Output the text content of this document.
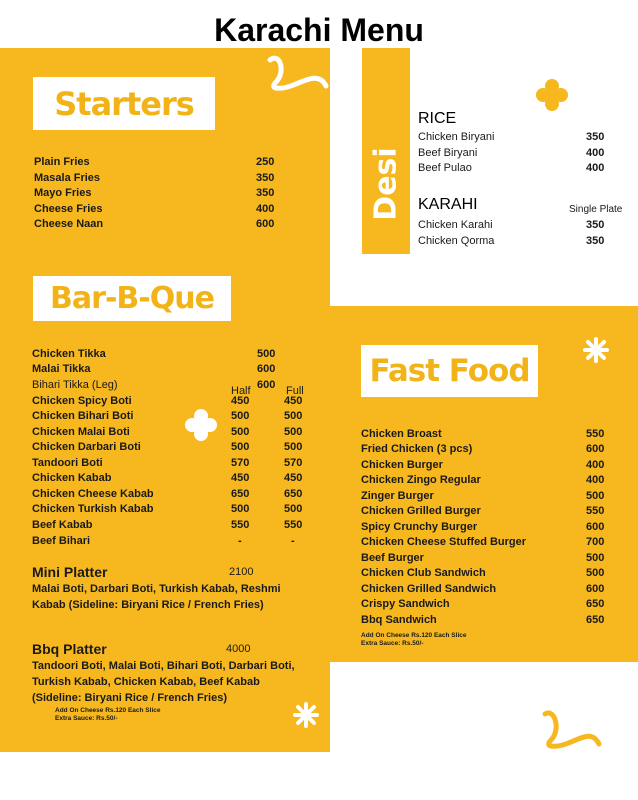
Karachi Menu
Starters
Plain Fries	250
Masala Fries	350
Mayo Fries	350
Cheese Fries	400
Cheese Naan	600
Bar-B-Que
Chicken Tikka	500
Malai Tikka	600
Bihari Tikka (Leg)	600
Half	Full
Chicken Spicy Boti	450	450
Chicken Bihari Boti	500	500
Chicken Malai Boti	500	500
Chicken Darbari Boti	500	500
Tandoori Boti	570	570
Chicken Kabab	450	450
Chicken Cheese Kabab	650	650
Chicken Turkish Kabab	500	500
Beef Kabab	550	550
Beef Bihari	-	-
Mini Platter	2100
Malai Boti, Darbari Boti, Turkish Kabab, Reshmi Kabab (Sideline: Biryani Rice / French Fries)
Bbq Platter	4000
Tandoori Boti, Malai Boti, Bihari Boti, Darbari Boti, Turkish Kabab, Chicken Kabab, Beef Kabab (Sideline: Biryani Rice / French Fries)
Add On Cheese Rs.120 Each Slice
Extra Sauce: Rs.50/-
Desi
RICE
Chicken Biryani	350
Beef Biryani	400
Beef Pulao	400
KARAHI	Single Plate
Chicken Karahi	350
Chicken Qorma	350
Fast Food
Chicken Broast	550
Fried Chicken (3 pcs)	600
Chicken Burger	400
Chicken Zingo Regular	400
Zinger Burger	500
Chicken Grilled Burger	550
Spicy Crunchy Burger	600
Chicken Cheese Stuffed Burger	700
Beef Burger	500
Chicken Club Sandwich	500
Chicken Grilled Sandwich	600
Crispy Sandwich	650
Bbq Sandwich	650
Add On Cheese Rs.120 Each Slice
Extra Sauce: Rs.50/-
